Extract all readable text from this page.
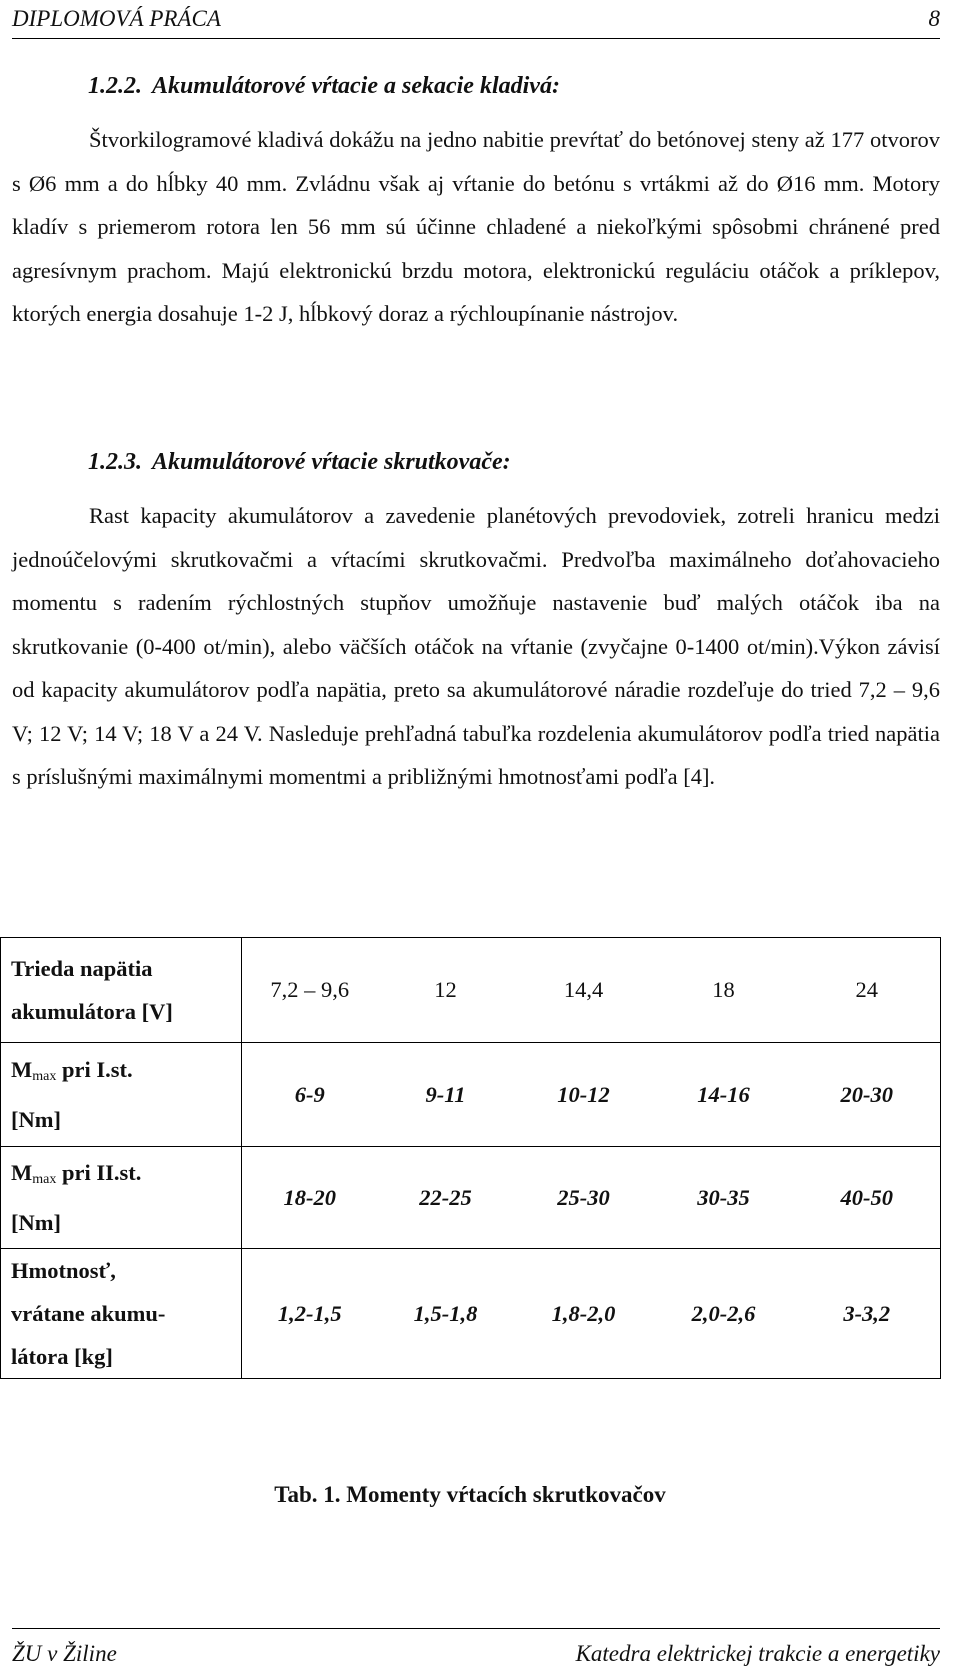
DIPLOMOVÁ PRÁCA	8
1.2.2. Akumulátorové vŕtacie a sekacie kladivá:
Štvorkilogramové kladivá dokážu na jedno nabitie prevŕtať do betónovej steny až 177 otvorov s Ø6 mm a do hĺbky 40 mm. Zvládnu však aj vŕtanie do betónu s vrtákmi až do Ø16 mm. Motory kladív s priemerom rotora len 56 mm sú účinne chladené a niekoľkými spôsobmi chránené pred agresívnym prachom. Majú elektronickú brzdu motora, elektronickú reguláciu otáčok a príklepov, ktorých energia dosahuje 1-2 J, hĺbkový doraz a rýchloupínanie nástrojov.
1.2.3. Akumulátorové vŕtacie skrutkovače:
Rast kapacity akumulátorov a zavedenie planétových prevodoviek, zotreli hranicu medzi jednoúčelovými skrutkovačmi a vŕtacími skrutkovačmi. Predvoľba maximálneho doťahovacieho momentu s radením rýchlostných stupňov umožňuje nastavenie buď malých otáčok iba na skrutkovanie (0-400 ot/min), alebo väčších otáčok na vŕtanie (zvyčajne 0-1400 ot/min).Výkon závisí od kapacity akumulátorov podľa napätia, preto sa akumulátorové náradie rozdeľuje do tried 7,2 – 9,6 V; 12 V; 14 V; 18 V a 24 V. Nasleduje prehľadná tabuľka rozdelenia akumulátorov podľa tried napätia s príslušnými maximálnymi momentmi a približnými hmotnosťami podľa [4].
Trieda napätia
akumulátora [V]	7,2 – 9,6	12	14,4	18	24

$M_{max}$ pri I.st.
[Nm]	6-9	9-11	10-12	14-16	20-30

$M_{max}$ pri II.st.
[Nm]	18-20	22-25	25-30	30-35	40-50

Hmotnosť,
vrátane akumu-
látora [kg]	1,2-1,5	1,5-1,8	1,8-2,0	2,0-2,6	3-3,2
Tab. 1. Momenty vŕtacích skrutkovačov
ŽU v Žiline	Katedra elektrickej trakcie a energetiky
